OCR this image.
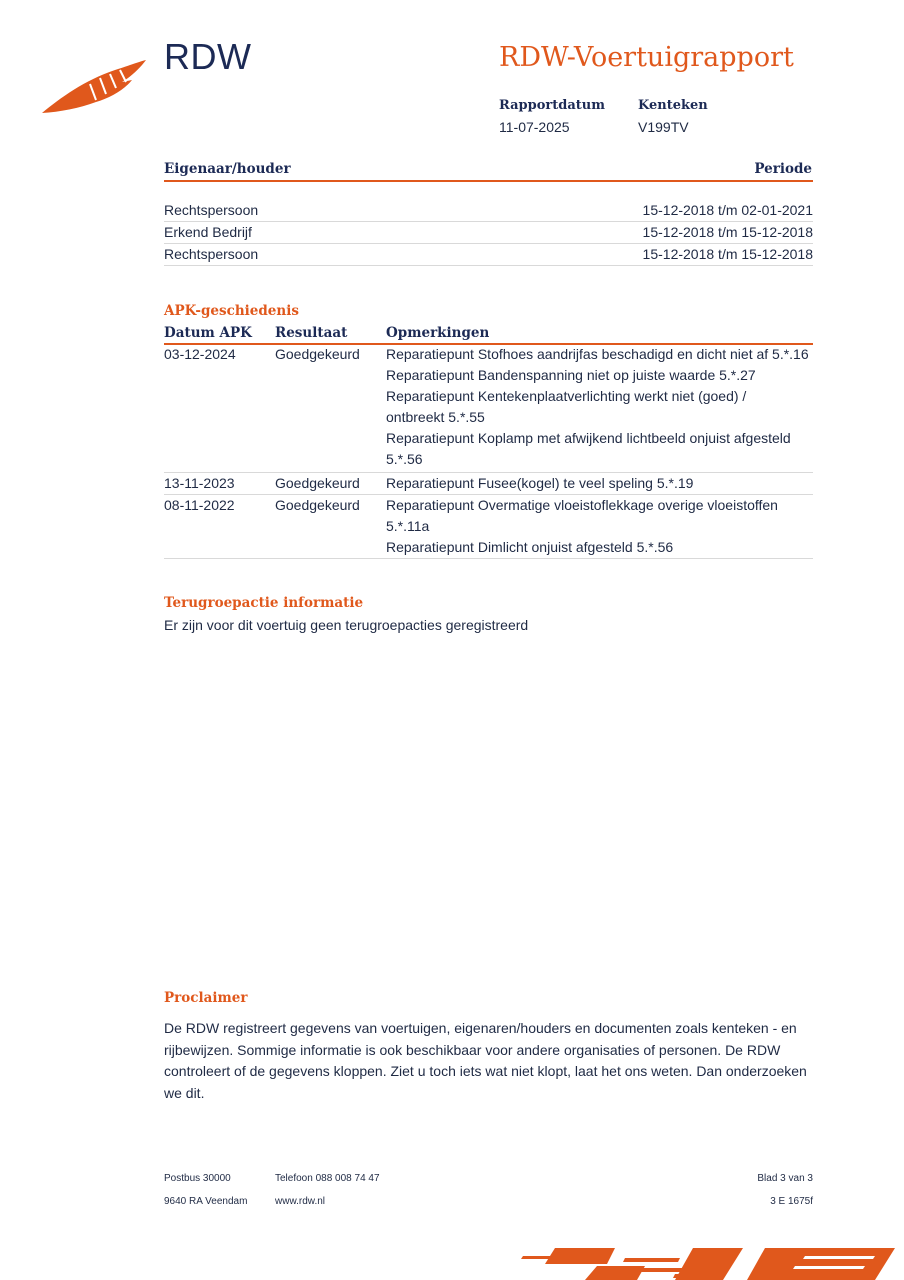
RDW	RDW-Voertuigrapport
Rapportdatum
11-07-2025
Kenteken
V199TV
Eigenaar/houder	Periode
Rechtspersoon	15-12-2018 t/m 02-01-2021
Erkend Bedrijf	15-12-2018 t/m 15-12-2018
Rechtspersoon	15-12-2018 t/m 15-12-2018
APK-geschiedenis
Datum APK Resultaat	Opmerkingen
03-12-2024	Goedgekeurd Reparatiepunt Stofhoes aandrijfas beschadigd en dicht niet af 5.*.16
Reparatiepunt Bandenspanning niet op juiste waarde 5.*.27
Reparatiepunt Kentekenplaatverlichting werkt niet (goed) /
ontbreekt 5.*.55
Reparatiepunt Koplamp met afwijkend lichtbeeld onjuist afgesteld
5.*.56
13-11-2023	Goedgekeurd Reparatiepunt Fusee(kogel) te veel speling 5.*.19
08-11-2022	Goedgekeurd Reparatiepunt Overmatige vloeistoflekkage overige vloeistoffen
5.*.11a
Reparatiepunt Dimlicht onjuist afgesteld 5.*.56
Terugroepactie informatie
Er zijn voor dit voertuig geen terugroepacties geregistreerd
Proclaimer
De RDW registreert gegevens van voertuigen, eigenaren/houders en documenten zoals kenteken - en
rijbewijzen. Sommige informatie is ook beschikbaar voor andere organisaties of personen. De RDW
controleert of de gegevens kloppen. Ziet u toch iets wat niet klopt, laat het ons weten. Dan onderzoeken
we dit.
Postbus 30000
9640 RA Veendam
Telefoon 088 008 74 47
www.rdw.nl
Blad 3 van 3
3 E 1675f
